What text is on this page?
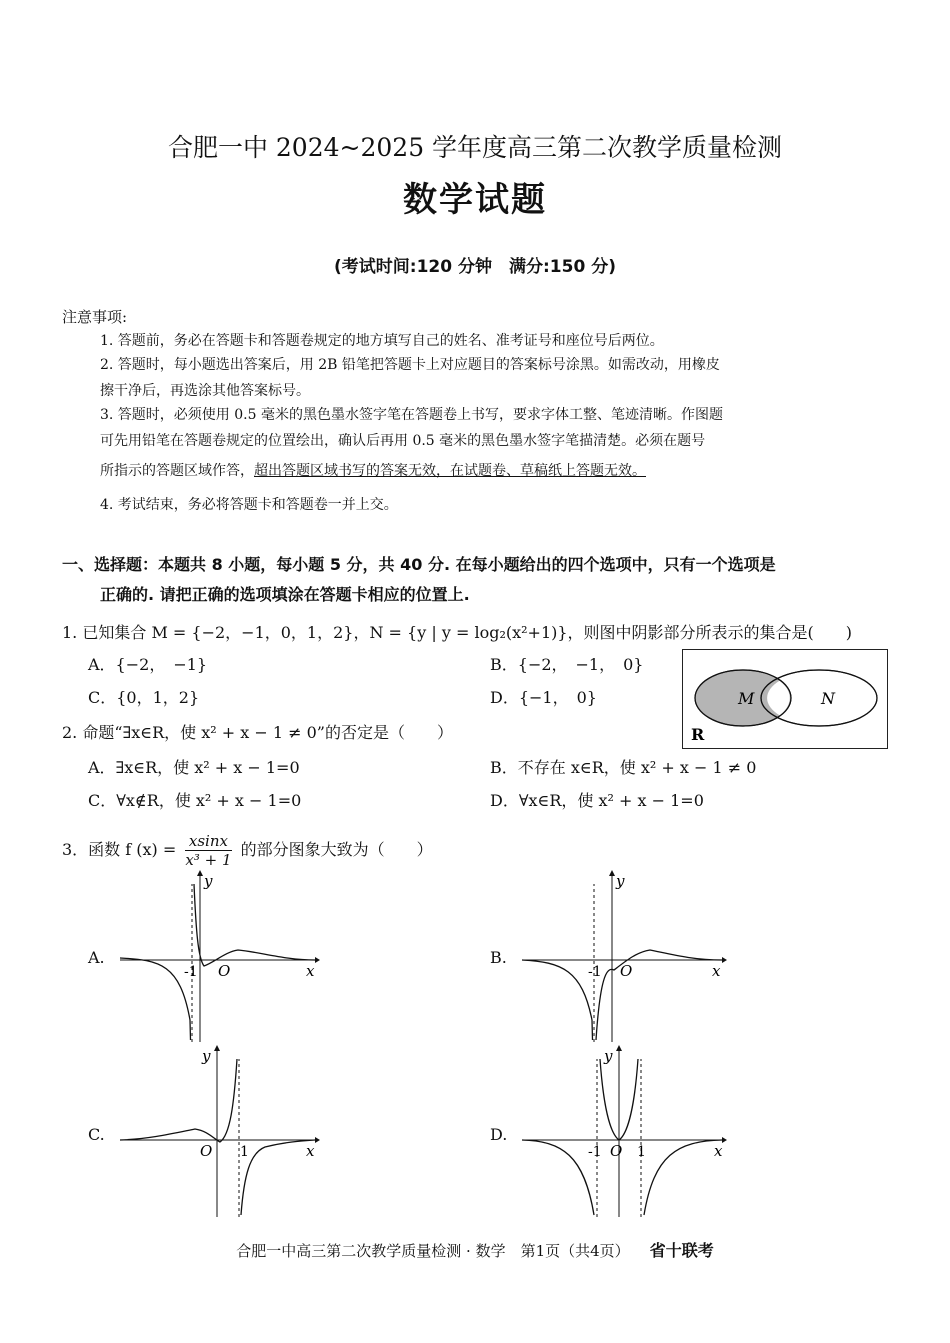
合肥一中 2024~2025 学年度高三第二次教学质量检测
数学试题
(考试时间:120 分钟　满分:150 分)
注意事项:
1. 答题前，务必在答题卡和答题卷规定的地方填写自己的姓名、准考证号和座位号后两位。
2. 答题时，每小题选出答案后，用 2B 铅笔把答题卡上对应题目的答案标号涂黑。如需改动，用橡皮
擦干净后，再选涂其他答案标号。
3. 答题时，必须使用 0.5 毫米的黑色墨水签字笔在答题卷上书写，要求字体工整、笔迹清晰。作图题
可先用铅笔在答题卷规定的位置绘出，确认后再用 0.5 毫米的黑色墨水签字笔描清楚。必须在题号
所指示的答题区域作答，超出答题区域书写的答案无效，在试题卷、草稿纸上答题无效。
4. 考试结束，务必将答题卡和答题卷一并上交。
一、选择题：本题共 8 小题，每小题 5 分，共 40 分. 在每小题给出的四个选项中，只有一个选项是
正确的. 请把正确的选项填涂在答题卡相应的位置上.
1. 已知集合 M = {−2，−1，0，1，2}，N = {y | y = log₂(x²+1)}，则图中阴影部分所表示的集合是(　　)
A．{−2，　−1}	B．{−2，　−1，　0}
C．{0，1，2}	D．{−1，　0}	M	N
R
2. 命题“∃x∈R，使 x² + x − 1 ≠ 0”的否定是（　　）
A．∃x∈R，使 x² + x − 1=0	B．不存在 x∈R，使 x² + x − 1 ≠ 0
C．∀x∉R，使 x² + x − 1=0	D．∀x∈R，使 x² + x − 1=0
3．函数 f $(x) = \frac{xsinx}{\text{x³ + 1}}$ 的部分图象大致为（　　）
A.
y
x
O
-1
B.
y
x
O
-1
C.
y
x
O 1
D.
y
x
O
-1	1
合肥一中高三第二次教学质量检测 · 数学　第1页（共4页） 省十联考
